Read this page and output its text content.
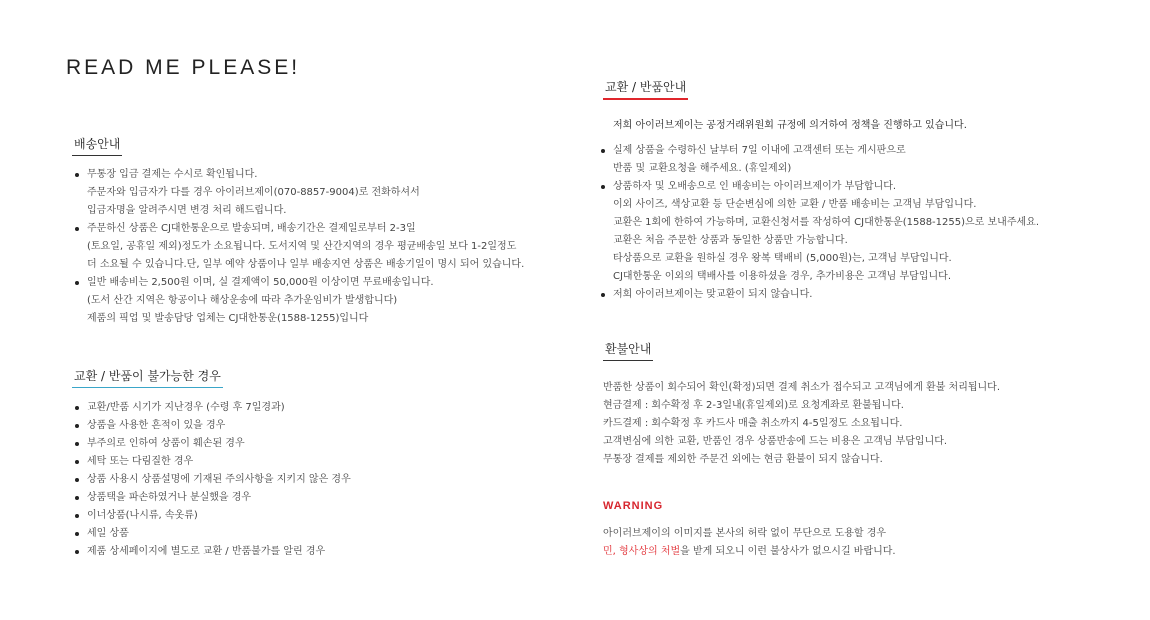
READ ME PLEASE!
배송안내
무통장 입금 결제는 수시로 확인됩니다.
주문자와 입금자가 다를 경우 아이러브제이(070-8857-9004)로 전화하셔서
입금자명을 알려주시면 변경 처리 해드립니다.
주문하신 상품은 CJ대한통운으로 발송되며, 배송기간은 결제일로부터 2-3일
(토요일, 공휴일 제외)정도가 소요됩니다. 도서지역 및 산간지역의 경우 평균배송일 보다 1-2일정도
더 소요될 수 있습니다.단, 일부 예약 상품이나 일부 배송지연 상품은 배송기일이 명시 되어 있습니다.
일반 배송비는 2,500원 이며, 실 결제액이 50,000원 이상이면 무료배송입니다.
(도서 산간 지역은 항공이나 해상운송에 따라 추가운임비가 발생합니다)
제품의 픽업 및 발송담당 업체는 CJ대한통운(1588-1255)입니다
교환 / 반품이 불가능한 경우
교환/반품 시기가 지난경우 (수령 후 7일경과)
상품을 사용한 흔적이 있을 경우
부주의로 인하여 상품이 훼손된 경우
세탁 또는 다림질한 경우
상품 사용시 상품설명에 기재된 주의사항을 지키지 않은 경우
상품택을 파손하였거나 분실했을 경우
이너상품(나시류, 속옷류)
세일 상품
제품 상세페이지에 별도로 교환 / 반품불가를 알린 경우
교환 / 반품안내
저희 아이러브제이는 공정거래위원회 규정에 의거하여 정책을 진행하고 있습니다.
실제 상품을 수령하신 날부터 7일 이내에 고객센터 또는 게시판으로
반품 및 교환요청을 해주세요. (휴일제외)
상품하자 및 오배송으로 인 배송비는 아이러브제이가 부담합니다.
이외 사이즈, 색상교환 등 단순변심에 의한 교환 / 반품 배송비는 고객님 부담입니다.
교환은 1회에 한하여 가능하며, 교환신청서를 작성하여 CJ대한통운(1588-1255)으로 보내주세요.
교환은 처음 주문한 상품과 동일한 상품만 가능합니다.
타상품으로 교환을 원하실 경우 왕복 택배비 (5,000원)는, 고객님 부담입니다.
CJ대한통운 이외의 택배사를 이용하셨을 경우, 추가비용은 고객님 부담입니다.
저희 아이러브제이는 맞교환이 되지 않습니다.
환불안내
반품한 상품이 회수되어 확인(확정)되면 결제 취소가 접수되고 고객님에게 환불 처리됩니다.
현금결제 : 회수확정 후 2-3일내(휴일제외)로 요청계좌로 환불됩니다.
카드결제 : 회수확정 후 카드사 매출 취소까지 4-5일정도 소요됩니다.
고객변심에 의한 교환, 반품인 경우 상품반송에 드는 비용은 고객님 부담입니다.
무통장 결제를 제외한 주문건 외에는 현금 환불이 되지 않습니다.
WARNING
아이러브제이의 이미지를 본사의 허락 없이 무단으로 도용할 경우
민, 형사상의 처벌을 받게 되오니 이런 불상사가 없으시길 바랍니다.
